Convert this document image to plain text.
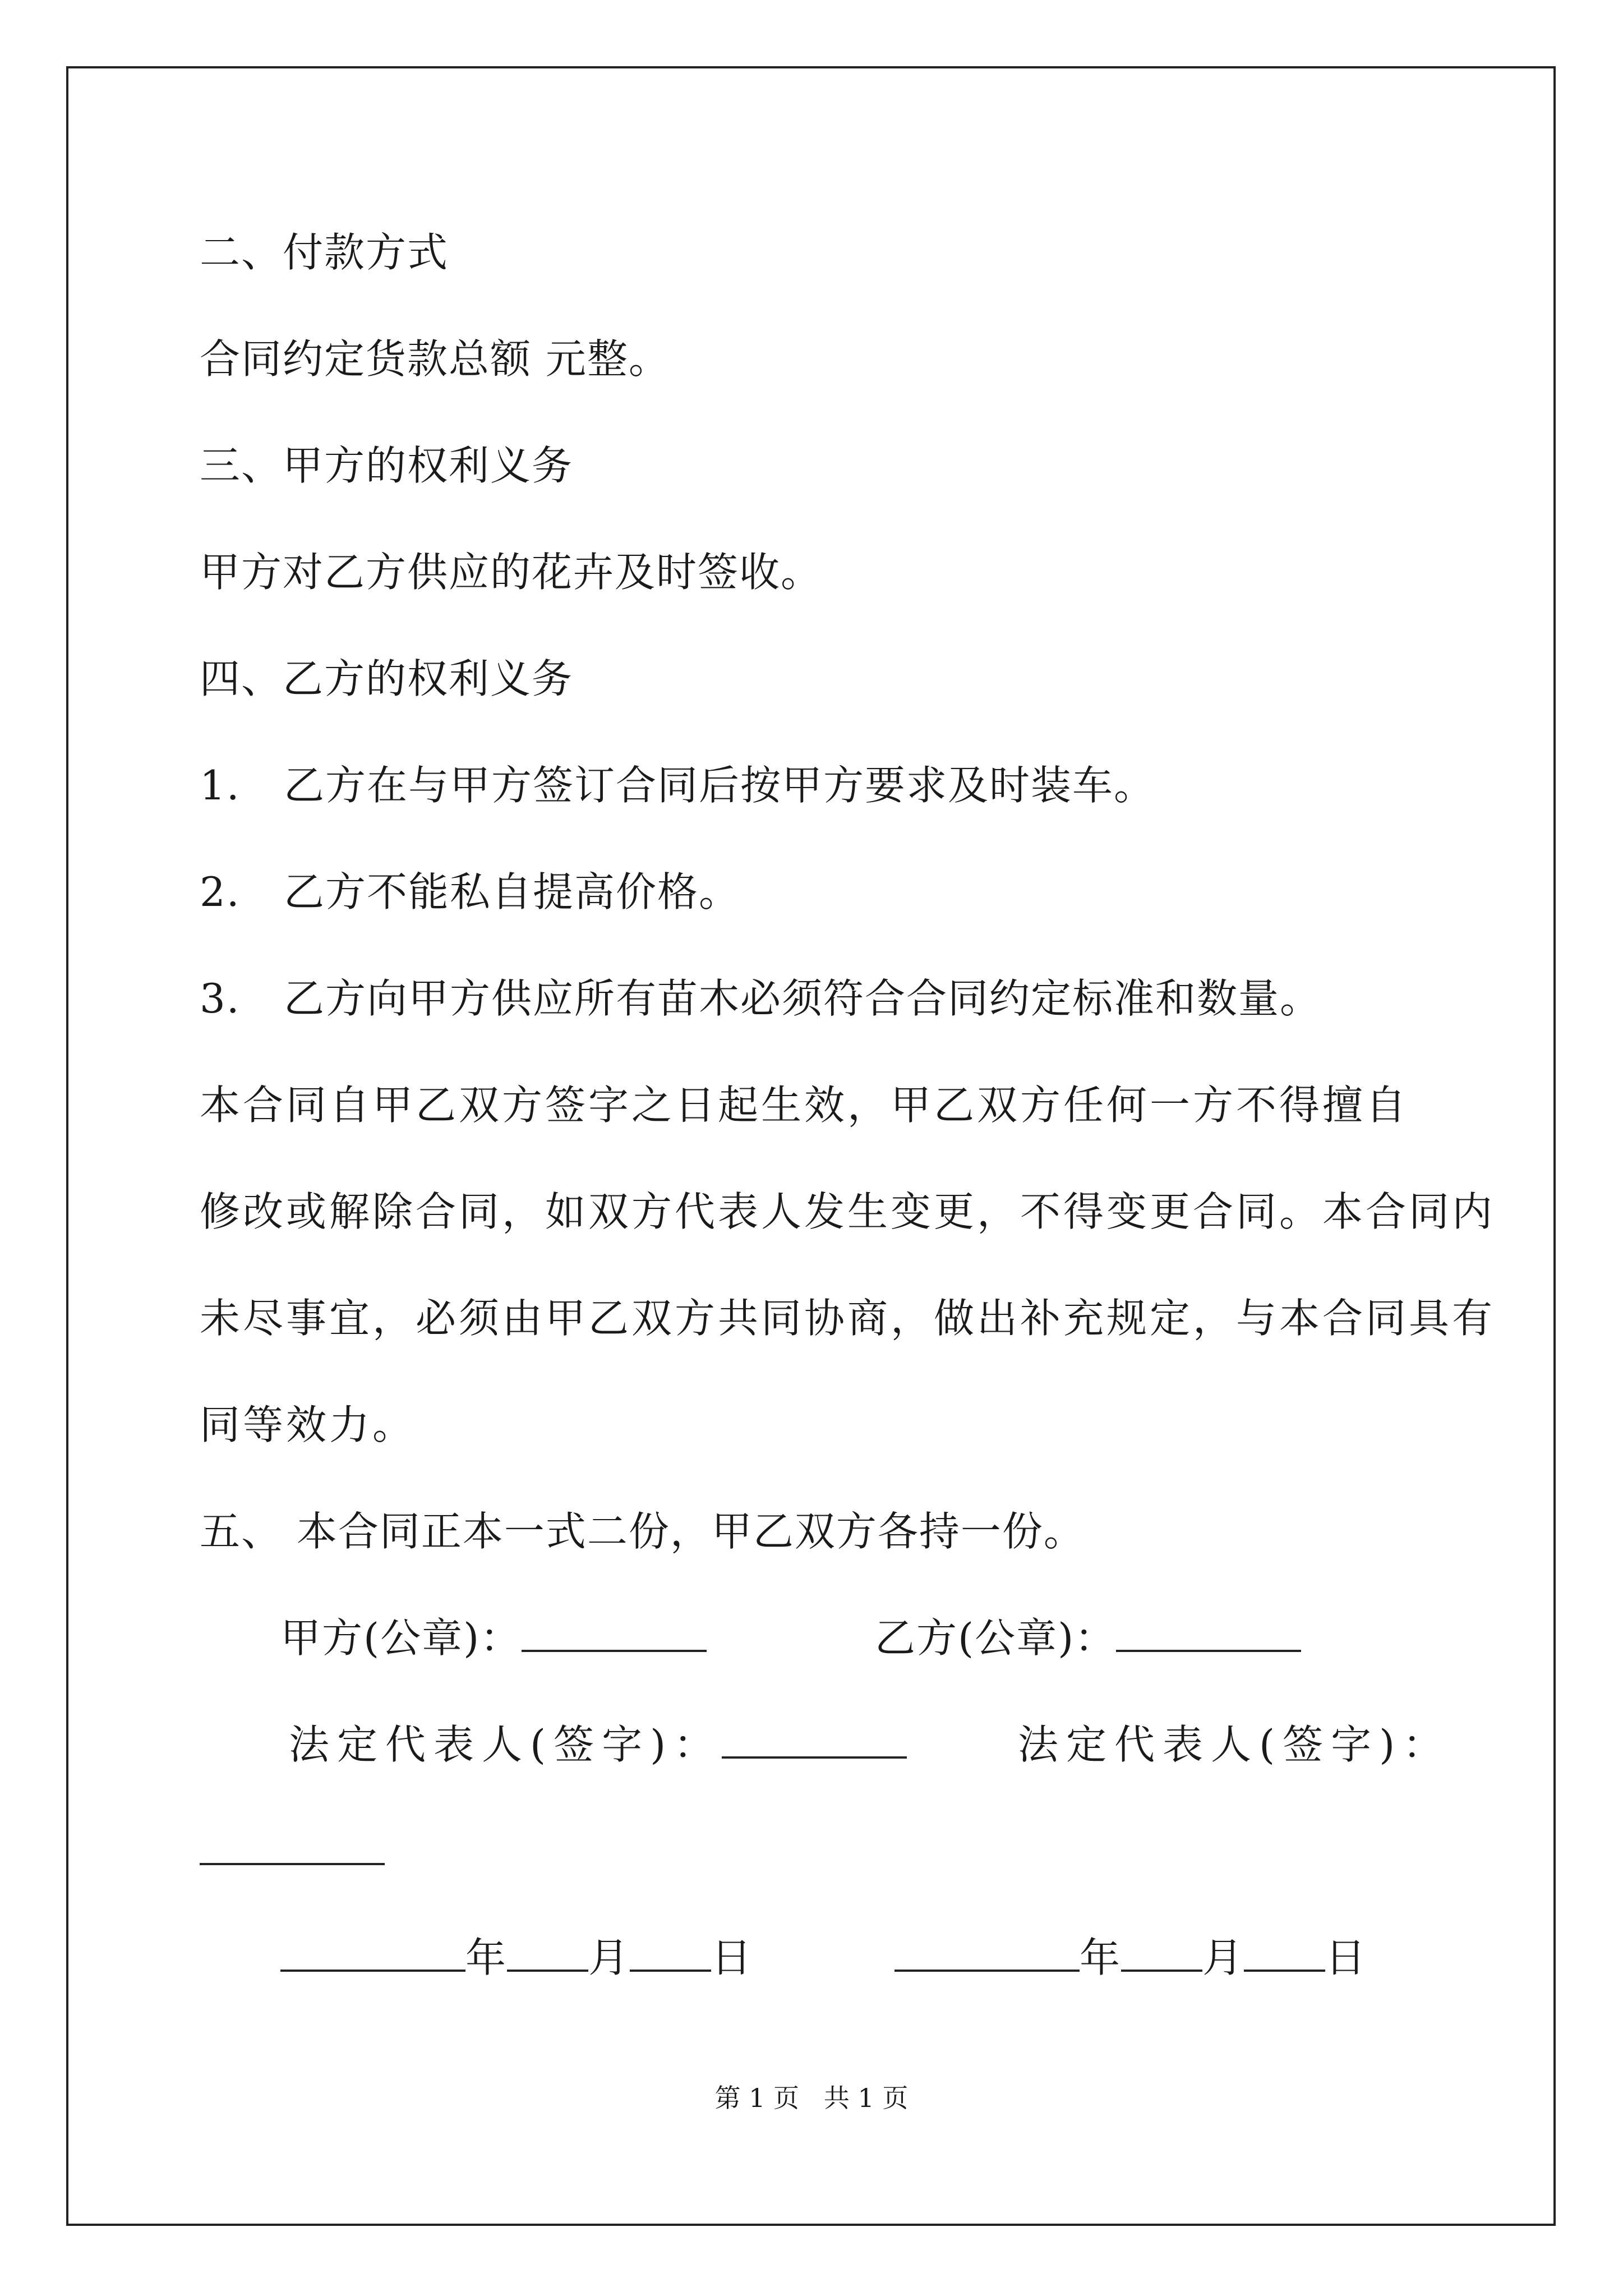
二、付款方式
合同约定货款总额 元整。
三、甲方的权利义务
甲方对乙方供应的花卉及时签收。
四、乙方的权利义务
1. 乙方在与甲方签订合同后按甲方要求及时装车。
2. 乙方不能私自提高价格。
3. 乙方向甲方供应所有苗木必须符合合同约定标准和数量。
本合同自甲乙双方签字之日起生效，甲乙双方任何一方不得擅自
修改或解除合同，如双方代表人发生变更，不得变更合同。本合同内
未尽事宜，必须由甲乙双方共同协商，做出补充规定，与本合同具有
同等效力。
五、 本合同正本一式二份，甲乙双方各持一份。
甲方(公章)：	乙方(公章)：
法定代表人(签字)：	法定代表人(签字)：
年 月 日	年 月 日
第 1 页   共 1 页
